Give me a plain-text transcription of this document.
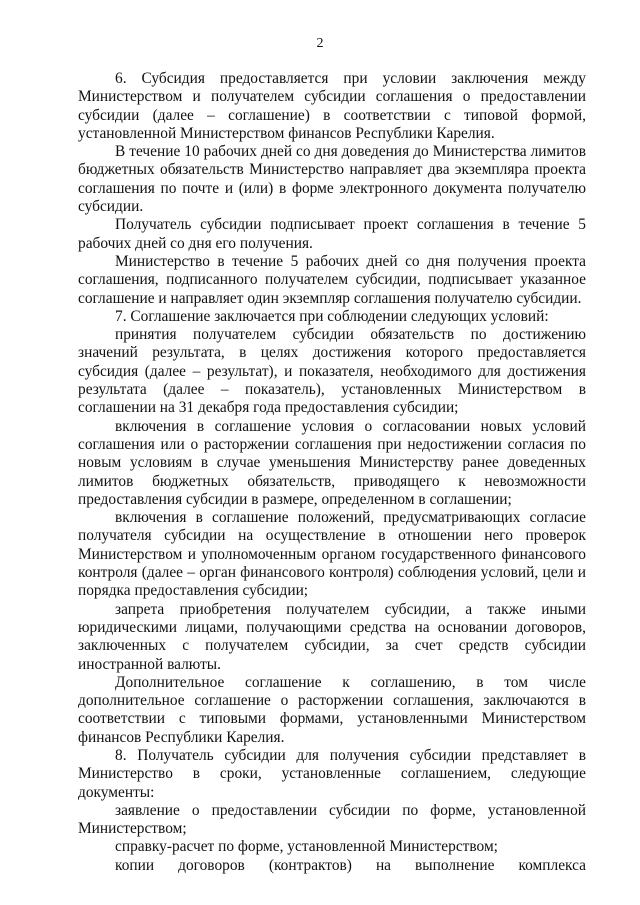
2

6. Субсидия предоставляется при условии заключения между Министерством и получателем субсидии соглашения о предоставлении субсидии (далее – соглашение) в соответствии с типовой формой, установленной Министерством финансов Республики Карелия.

В течение 10 рабочих дней со дня доведения до Министерства лимитов бюджетных обязательств Министерство направляет два экземпляра проекта соглашения по почте и (или) в форме электронного документа получателю субсидии.

Получатель субсидии подписывает проект соглашения в течение 5 рабочих дней со дня его получения.

Министерство в течение 5 рабочих дней со дня получения проекта соглашения, подписанного получателем субсидии, подписывает указанное соглашение и направляет один экземпляр соглашения получателю субсидии.

7. Соглашение заключается при соблюдении следующих условий:

принятия получателем субсидии обязательств по достижению значений результата, в целях достижения которого предоставляется субсидия (далее – результат), и показателя, необходимого для достижения результата (далее – показатель), установленных Министерством в соглашении на 31 декабря года предоставления субсидии;

включения в соглашение условия о согласовании новых условий соглашения или о расторжении соглашения при недостижении согласия по новым условиям в случае уменьшения Министерству ранее доведенных лимитов бюджетных обязательств, приводящего к невозможности предоставления субсидии в размере, определенном в соглашении;

включения в соглашение положений, предусматривающих согласие получателя субсидии на осуществление в отношении него проверок Министерством и уполномоченным органом государственного финансового контроля (далее – орган финансового контроля) соблюдения условий, цели и порядка предоставления субсидии;

запрета приобретения получателем субсидии, а также иными юридическими лицами, получающими средства на основании договоров, заключенных с получателем субсидии, за счет средств субсидии иностранной валюты.

Дополнительное соглашение к соглашению, в том числе дополнительное соглашение о расторжении соглашения, заключаются в соответствии с типовыми формами, установленными Министерством финансов Республики Карелия.

8. Получатель субсидии для получения субсидии представляет в Министерство в сроки, установленные соглашением, следующие документы:

заявление о предоставлении субсидии по форме, установленной Министерством;

справку-расчет по форме, установленной Министерством;

копии договоров (контрактов) на выполнение комплекса
